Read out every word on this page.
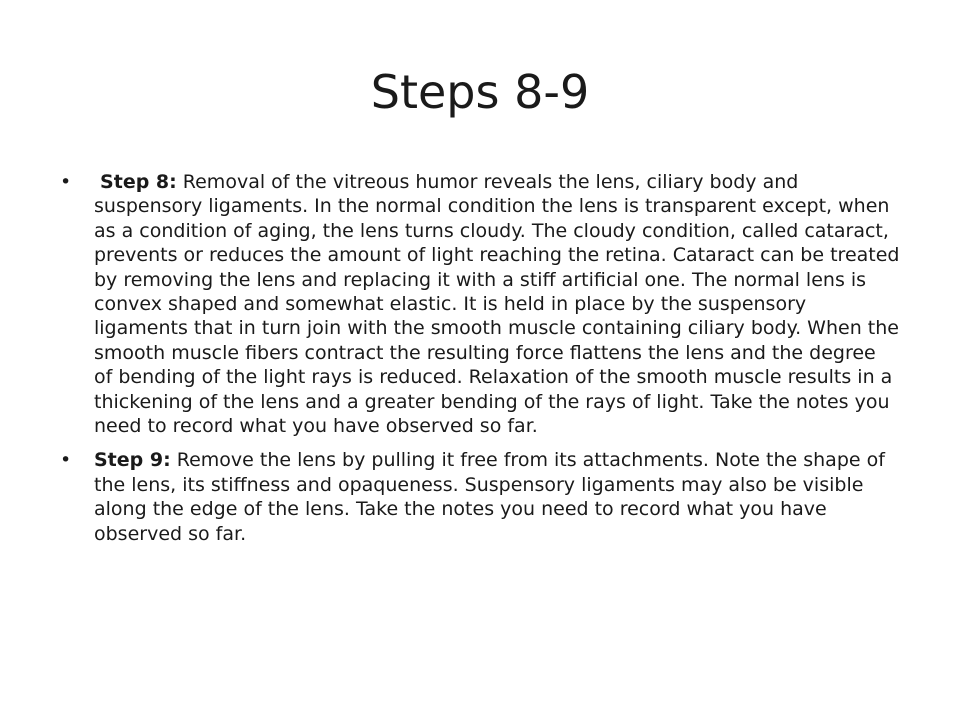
Steps 8-9
•	Step 8: Removal of the vitreous humor reveals the lens, ciliary body and suspensory ligaments. In the normal condition the lens is transparent except, when as a condition of aging, the lens turns cloudy. The cloudy condition, called cataract, prevents or reduces the amount of light reaching the retina. Cataract can be treated by removing the lens and replacing it with a stiff artificial one. The normal lens is convex shaped and somewhat elastic. It is held in place by the suspensory ligaments that in turn join with the smooth muscle containing ciliary body. When the smooth muscle fibers contract the resulting force flattens the lens and the degree of bending of the light rays is reduced. Relaxation of the smooth muscle results in a thickening of the lens and a greater bending of the rays of light. Take the notes you need to record what you have observed so far.
•	Step 9: Remove the lens by pulling it free from its attachments. Note the shape of the lens, its stiffness and opaqueness. Suspensory ligaments may also be visible along the edge of the lens. Take the notes you need to record what you have observed so far.
